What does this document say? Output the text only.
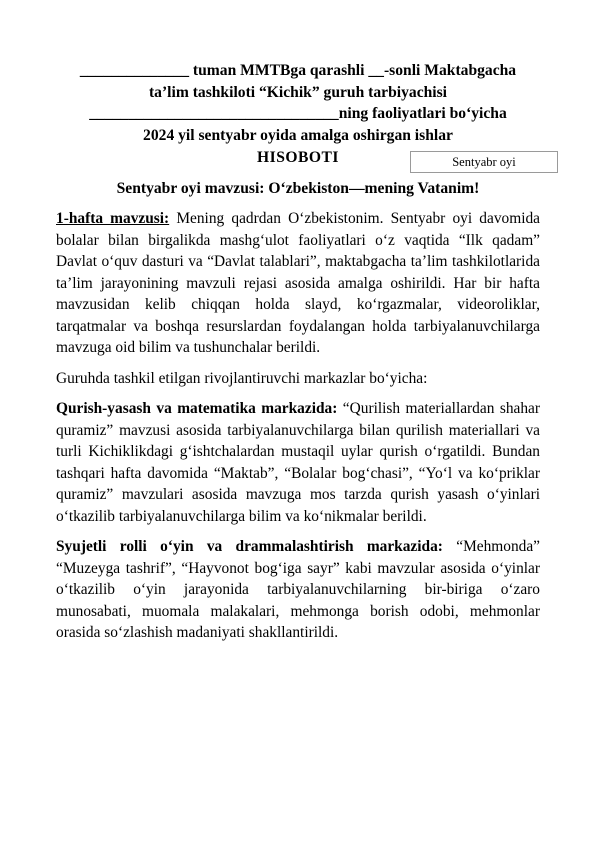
______________ tuman MMTBga qarashli __-sonli Maktabgacha
ta’lim tashkiloti “Kichik” guruh tarbiyachisi
________________________________ning faoliyatlari bo‘yicha
2024 yil sentyabr oyida amalga oshirgan ishlar
HISOBOTI	Sentyabr oyi
Sentyabr oyi mavzusi: O‘zbekiston—mening Vatanim!

1-hafta mavzusi: Mening qadrdan O‘zbekistonim. Sentyabr oyi davomida bolalar bilan birgalikda mashg‘ulot faoliyatlari o‘z vaqtida “Ilk qadam” Davlat o‘quv dasturi va “Davlat talablari”, maktabgacha ta’lim tashkilotlarida ta’lim jarayonining mavzuli rejasi asosida amalga oshirildi. Har bir hafta mavzusidan kelib chiqqan holda slayd, ko‘rgazmalar, videoroliklar, tarqatmalar va boshqa resurslardan foydalangan holda tarbiyalanuvchilarga mavzuga oid bilim va tushunchalar berildi.

Guruhda tashkil etilgan rivojlantiruvchi markazlar bo‘yicha:

Qurish-yasash va matematika markazida: “Qurilish materiallardan shahar quramiz” mavzusi asosida tarbiyalanuvchilarga bilan qurilish materiallari va turli Kichiklikdagi g‘ishtchalardan mustaqil uylar qurish o‘rgatildi. Bundan tashqari hafta davomida “Maktab”, “Bolalar bog‘chasi”, “Yo‘l va ko‘priklar quramiz” mavzulari asosida mavzuga mos tarzda qurish yasash o‘yinlari o‘tkazilib tarbiyalanuvchilarga bilim va ko‘nikmalar berildi.

Syujetli rolli o‘yin va drammalashtirish markazida: “Mehmonda” “Muzeyga tashrif”, “Hayvonot bog‘iga sayr” kabi mavzular asosida o‘yinlar o‘tkazilib o‘yin jarayonida tarbiyalanuvchilarning bir-biriga o‘zaro munosabati, muomala malakalari, mehmonga borish odobi, mehmonlar orasida so‘zlashish madaniyati shakllantirildi.
